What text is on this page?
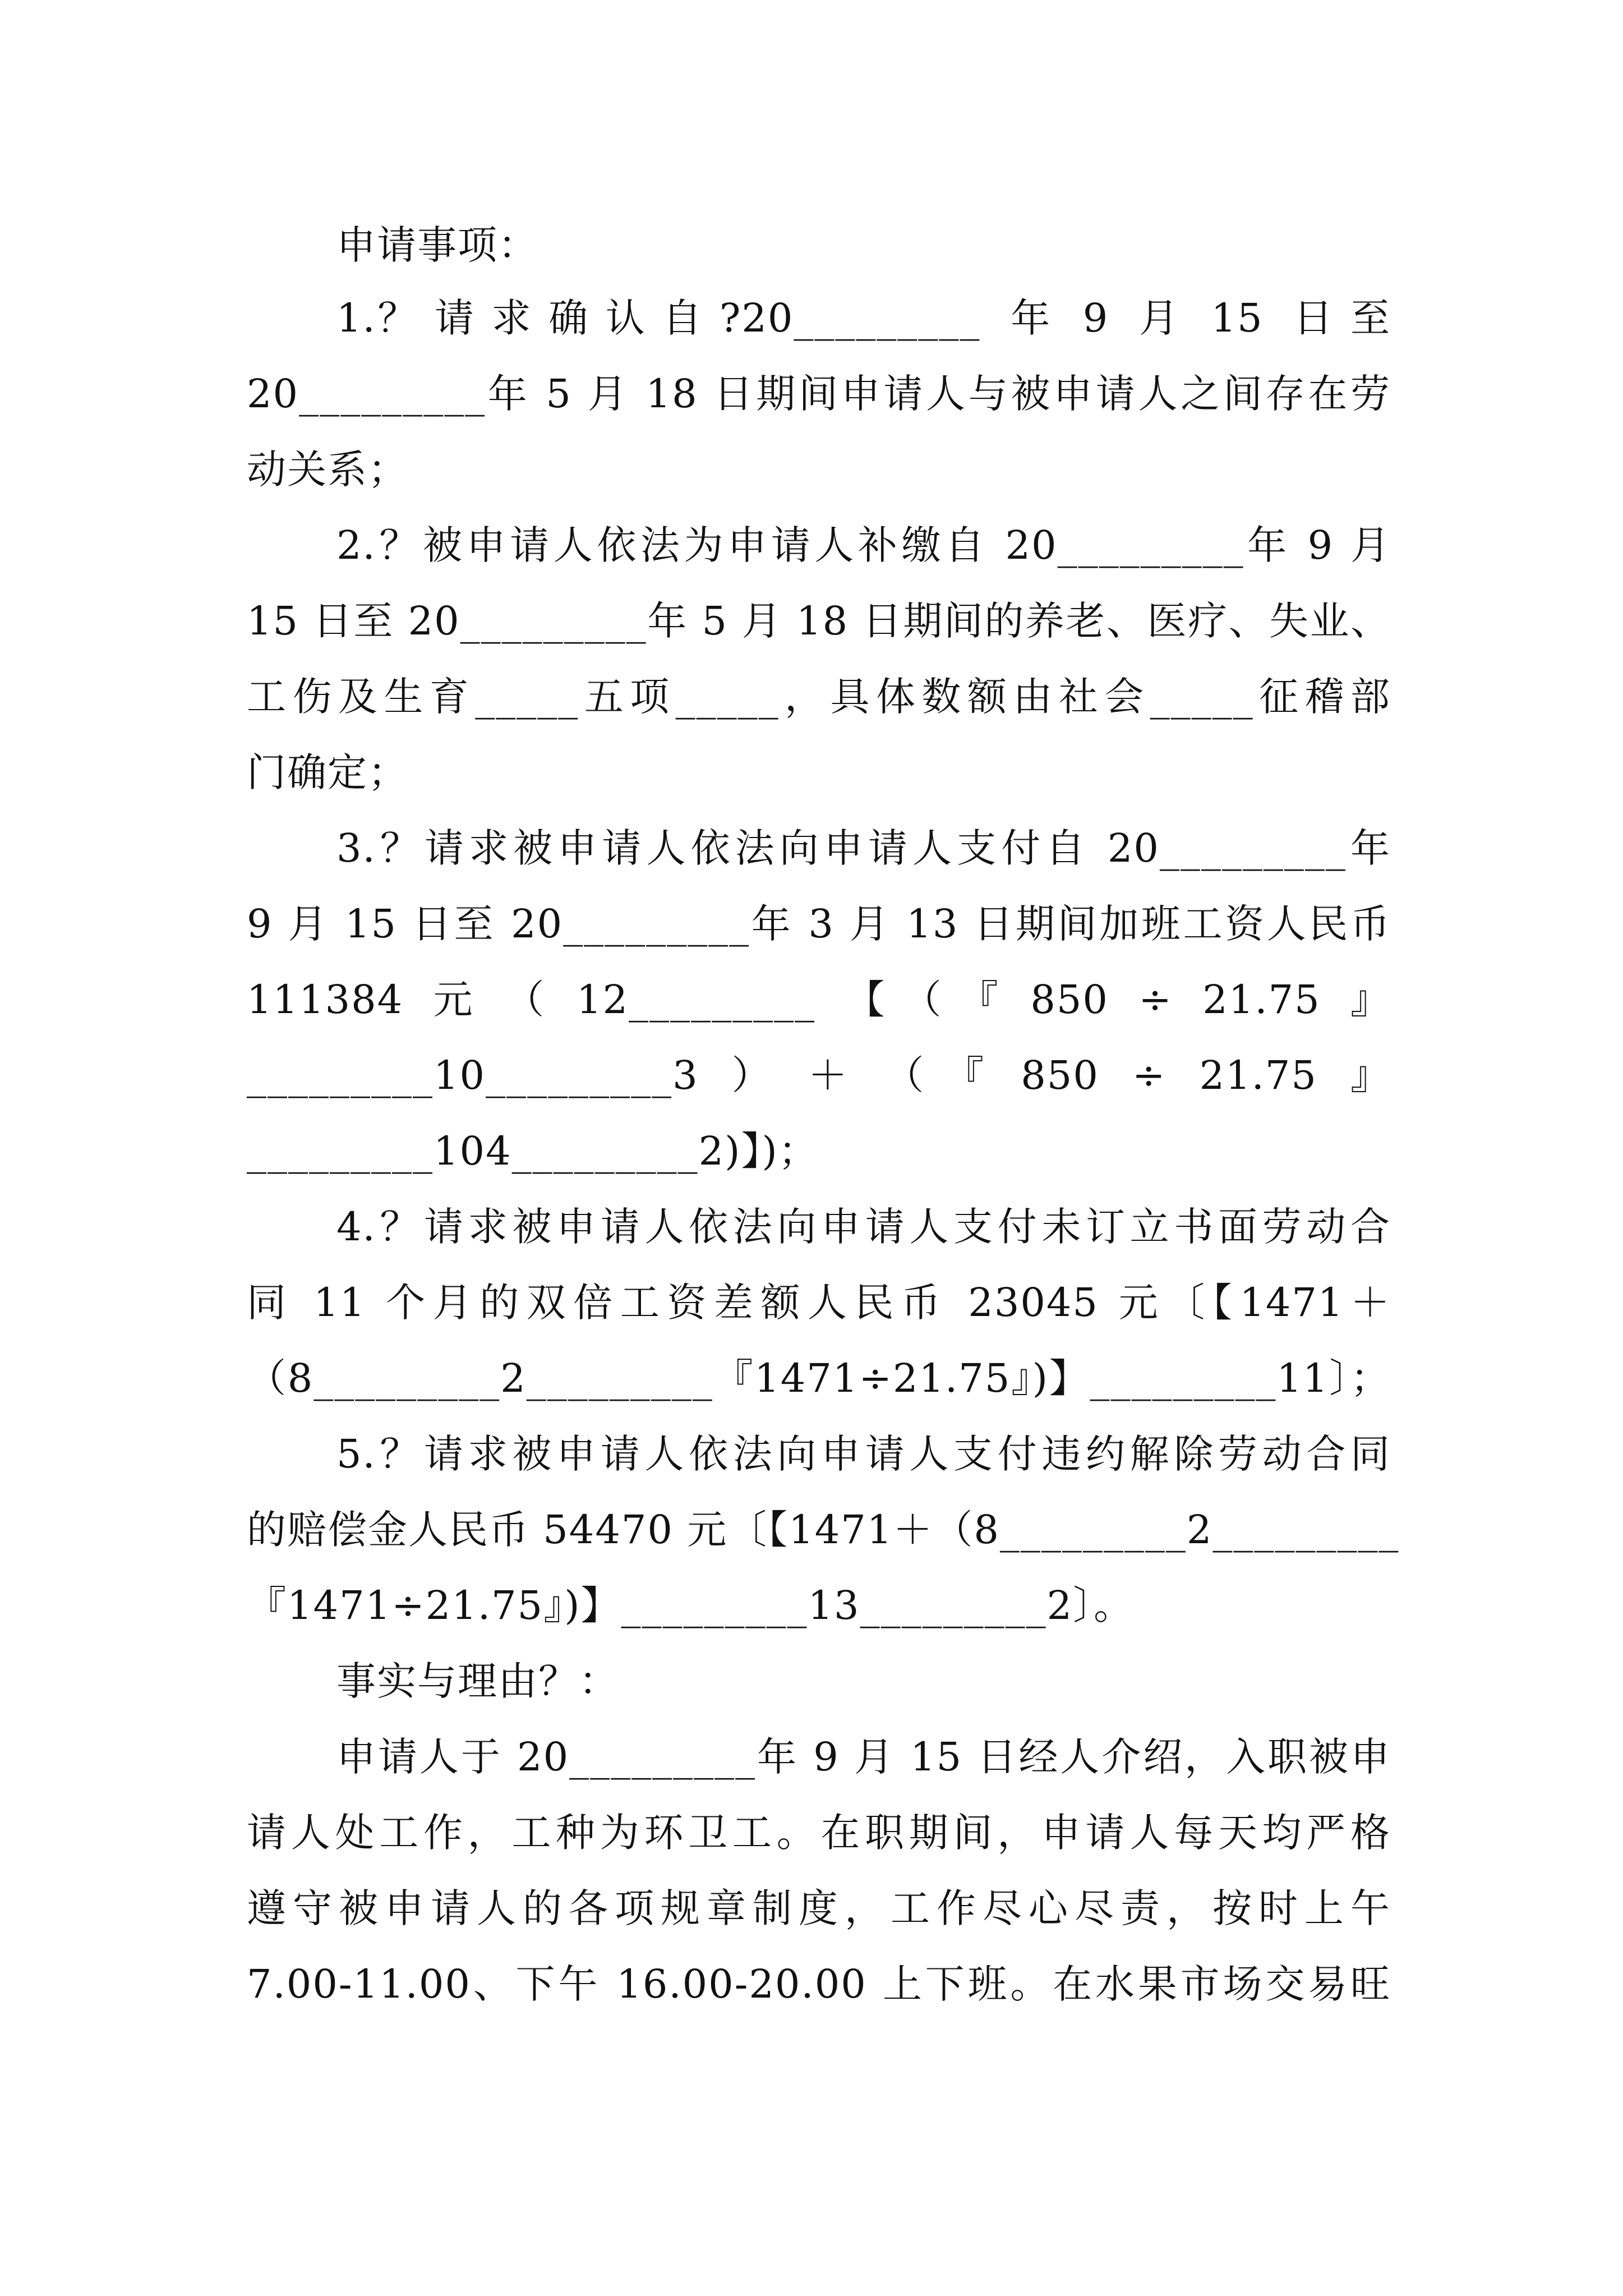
申请事项：
1.？ 请 求 确 认 自 ?20_________  年  9  月  15  日 至
20_________年 5 月 18 日期间申请人与被申请人之间存在劳
动关系；
2.？被申请人依法为申请人补缴自 20_________年 9 月
15 日至 20_________年 5 月 18 日期间的养老、医疗、失业、
工伤及生育_____五项_____，具体数额由社会_____征稽部
门确定；
3.？请求被申请人依法向申请人支付自 20_________年
9 月 15 日至 20_________年 3 月 13 日期间加班工资人民币
111384  元  （  12_________  【 （ 『  850  ÷  21.75  』
_________10_________3  ）  ＋  （ 『  850  ÷  21.75  』
_________104_________2)】)；
4.？请求被申请人依法向申请人支付未订立书面劳动合
同 11 个月的双倍工资差额人民币 23045 元〔【1471＋
（8_________2_________『1471÷21.75』)】_________11〕；
5.？请求被申请人依法向申请人支付违约解除劳动合同
的赔偿金人民币 54470 元〔【1471＋（8_________2_________
『1471÷21.75』)】_________13_________2〕。
事实与理由？：
申请人于 20_________年 9 月 15 日经人介绍，入职被申
请人处工作，工种为环卫工。在职期间，申请人每天均严格
遵守被申请人的各项规章制度，工作尽心尽责，按时上午
7.00-11.00、下午 16.00-20.00 上下班。在水果市场交易旺
